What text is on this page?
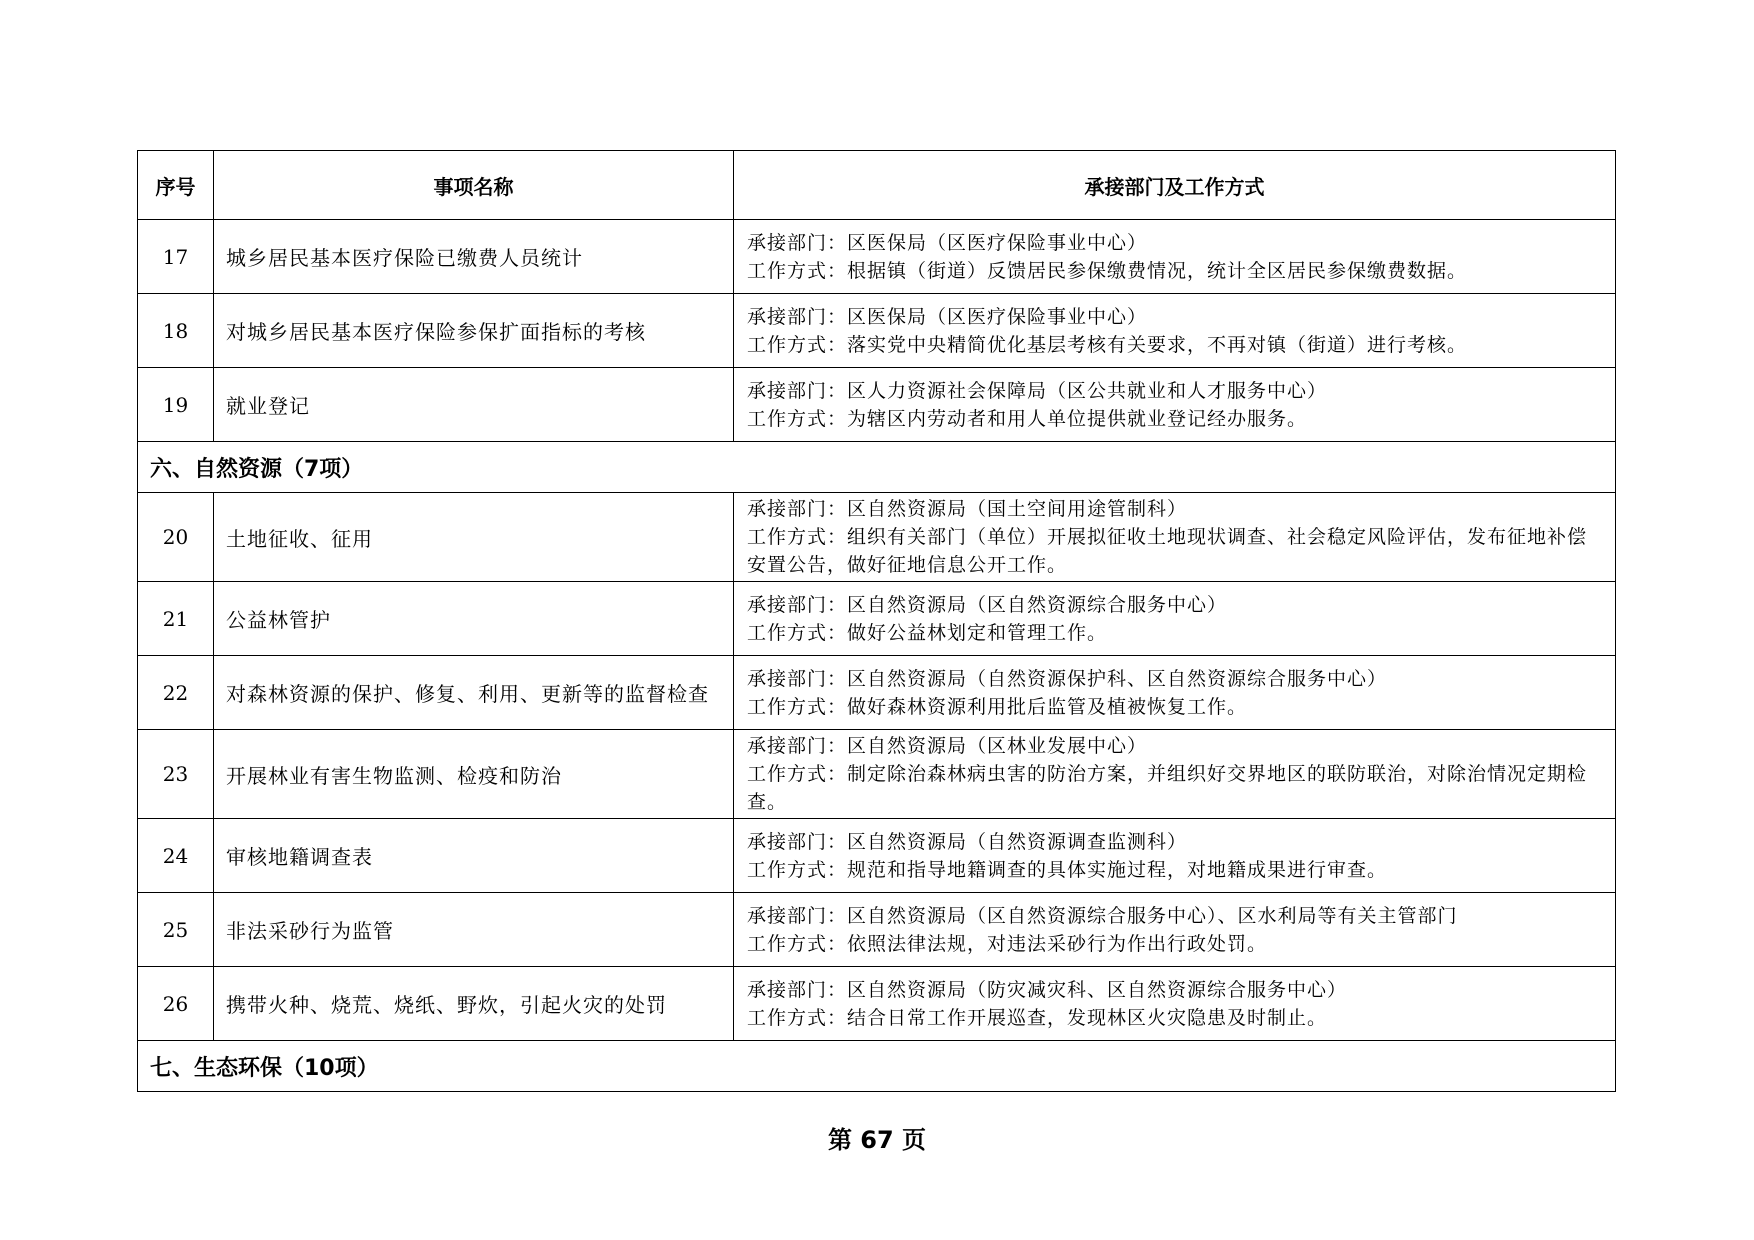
序号	事项名称	承接部门及工作方式
17	城乡居民基本医疗保险已缴费人员统计	承接部门：区医保局（区医疗保险事业中心）
工作方式：根据镇（街道）反馈居民参保缴费情况，统计全区居民参保缴费数据。

18	对城乡居民基本医疗保险参保扩面指标的考核	承接部门：区医保局（区医疗保险事业中心）
工作方式：落实党中央精简优化基层考核有关要求，不再对镇（街道）进行考核。

19	就业登记	承接部门：区人力资源社会保障局（区公共就业和人才服务中心）
工作方式：为辖区内劳动者和用人单位提供就业登记经办服务。

六、自然资源（7项）		
20	土地征收、征用	承接部门：区自然资源局（国土空间用途管制科）
工作方式：组织有关部门（单位）开展拟征收土地现状调查、社会稳定风险评估，发布征地补偿安置公告，做好征地信息公开工作。

21	公益林管护	承接部门：区自然资源局（区自然资源综合服务中心）
工作方式：做好公益林划定和管理工作。

22	对森林资源的保护、修复、利用、更新等的监督检查	承接部门：区自然资源局（自然资源保护科、区自然资源综合服务中心）
工作方式：做好森林资源利用批后监管及植被恢复工作。

23	开展林业有害生物监测、检疫和防治	承接部门：区自然资源局（区林业发展中心）
工作方式：制定除治森林病虫害的防治方案，并组织好交界地区的联防联治，对除治情况定期检查。

24	审核地籍调查表	承接部门：区自然资源局（自然资源调查监测科）
工作方式：规范和指导地籍调查的具体实施过程，对地籍成果进行审查。

25	非法采砂行为监管	承接部门：区自然资源局（区自然资源综合服务中心）、区水利局等有关主管部门
工作方式：依照法律法规，对违法采砂行为作出行政处罚。

26	携带火种、烧荒、烧纸、野炊，引起火灾的处罚	承接部门：区自然资源局（防灾减灾科、区自然资源综合服务中心）
工作方式：结合日常工作开展巡查，发现林区火灾隐患及时制止。

七、生态环保（10项）		
第 67 页
